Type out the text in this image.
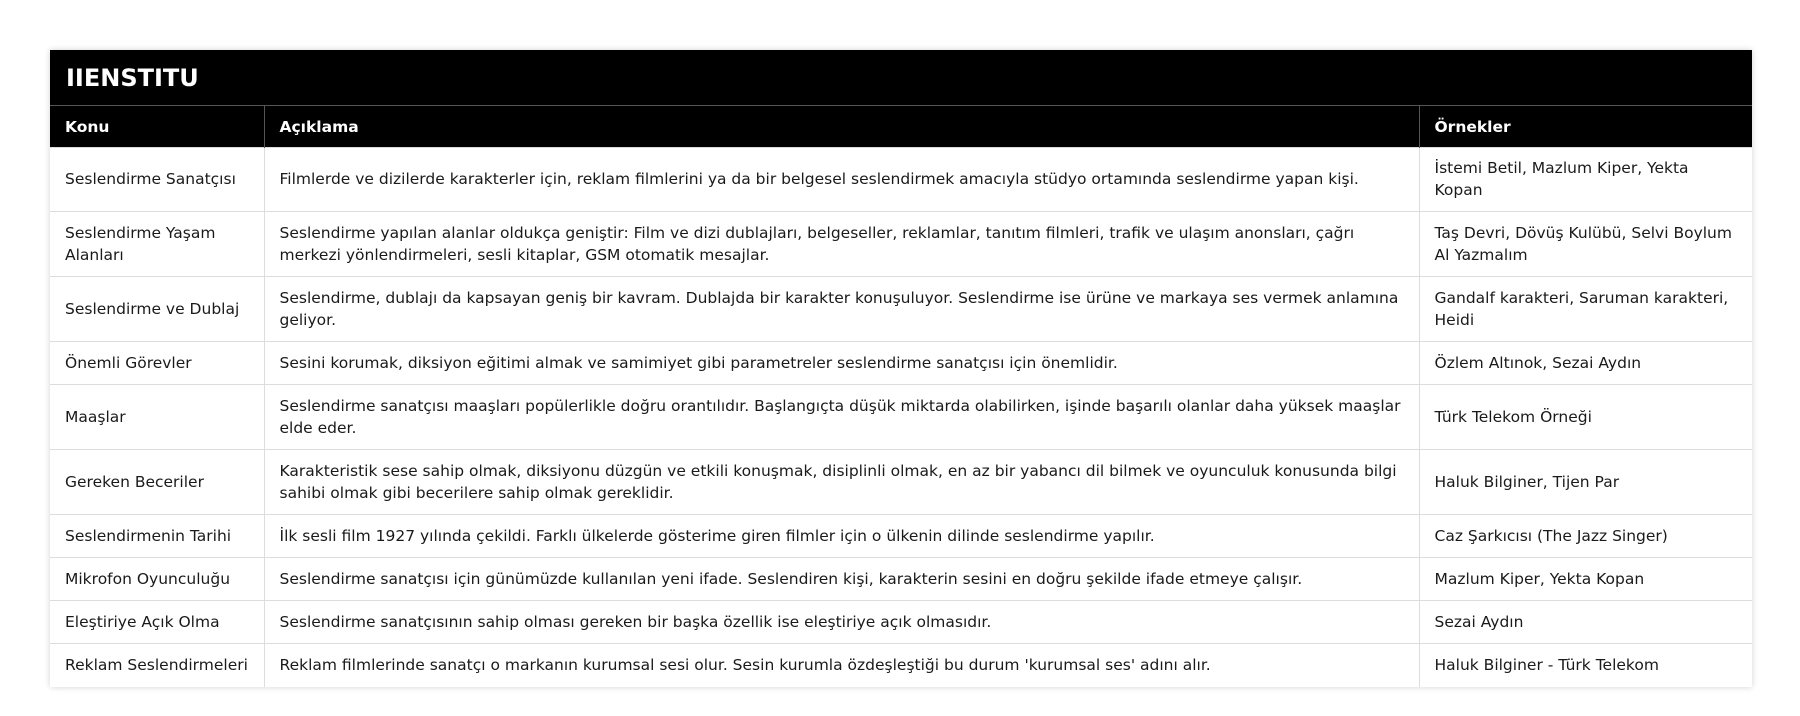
IIENSTITU
Konu	Açıklama	Örnekler
Seslendirme Sanatçısı	Filmlerde ve dizilerde karakterler için, reklam filmlerini ya da bir belgesel seslendirmek amacıyla stüdyo ortamında seslendirme yapan kişi.	İstemi Betil, Mazlum Kiper, Yekta Kopan
Seslendirme Yaşam Alanları	Seslendirme yapılan alanlar oldukça geniştir: Film ve dizi dublajları, belgeseller, reklamlar, tanıtım filmleri, trafik ve ulaşım anonsları, çağrı merkezi yönlendirmeleri, sesli kitaplar, GSM otomatik mesajlar.	Taş Devri, Dövüş Kulübü, Selvi Boylum Al Yazmalım
Seslendirme ve Dublaj	Seslendirme, dublajı da kapsayan geniş bir kavram. Dublajda bir karakter konuşuluyor. Seslendirme ise ürüne ve markaya ses vermek anlamına geliyor.	Gandalf karakteri, Saruman karakteri, Heidi
Önemli Görevler	Sesini korumak, diksiyon eğitimi almak ve samimiyet gibi parametreler seslendirme sanatçısı için önemlidir.	Özlem Altınok, Sezai Aydın
Maaşlar	Seslendirme sanatçısı maaşları popülerlikle doğru orantılıdır. Başlangıçta düşük miktarda olabilirken, işinde başarılı olanlar daha yüksek maaşlar elde eder.	Türk Telekom Örneği
Gereken Beceriler	Karakteristik sese sahip olmak, diksiyonu düzgün ve etkili konuşmak, disiplinli olmak, en az bir yabancı dil bilmek ve oyunculuk konusunda bilgi sahibi olmak gibi becerilere sahip olmak gereklidir.	Haluk Bilginer, Tijen Par
Seslendirmenin Tarihi	İlk sesli film 1927 yılında çekildi. Farklı ülkelerde gösterime giren filmler için o ülkenin dilinde seslendirme yapılır.	Caz Şarkıcısı (The Jazz Singer)
Mikrofon Oyunculuğu	Seslendirme sanatçısı için günümüzde kullanılan yeni ifade. Seslendiren kişi, karakterin sesini en doğru şekilde ifade etmeye çalışır.	Mazlum Kiper, Yekta Kopan
Eleştiriye Açık Olma	Seslendirme sanatçısının sahip olması gereken bir başka özellik ise eleştiriye açık olmasıdır.	Sezai Aydın
Reklam Seslendirmeleri	Reklam filmlerinde sanatçı o markanın kurumsal sesi olur. Sesin kurumla özdeşleştiği bu durum 'kurumsal ses' adını alır.	Haluk Bilginer - Türk Telekom
